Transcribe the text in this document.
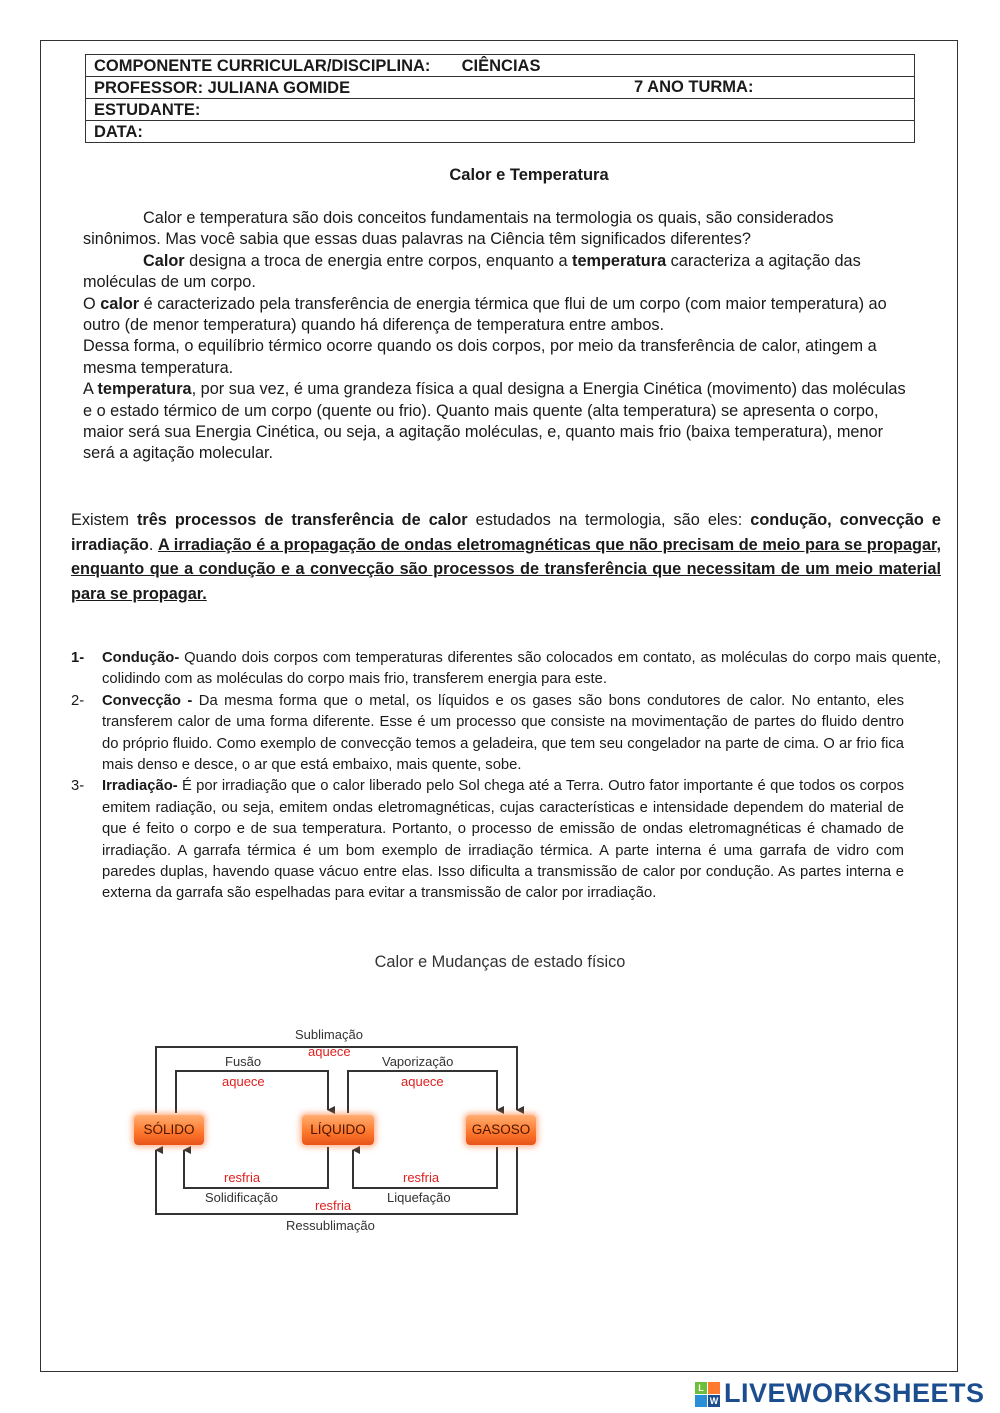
COMPONENTE CURRICULAR/DISCIPLINA: CIÊNCIAS
PROFESSOR: JULIANA GOMIDE	7 ANO TURMA:

ESTUDANTE:
DATA:
Calor e Temperatura

Calor e temperatura são dois conceitos fundamentais na termologia os quais, são considerados sinônimos. Mas você sabia que essas duas palavras na Ciência têm significados diferentes?

Calor designa a troca de energia entre corpos, enquanto a temperatura caracteriza a agitação das moléculas de um corpo.

O calor é caracterizado pela transferência de energia térmica que flui de um corpo (com maior temperatura) ao outro (de menor temperatura) quando há diferença de temperatura entre ambos.

Dessa forma, o equilíbrio térmico ocorre quando os dois corpos, por meio da transferência de calor, atingem a mesma temperatura.

A temperatura, por sua vez, é uma grandeza física a qual designa a Energia Cinética (movimento) das moléculas e o estado térmico de um corpo (quente ou frio). Quanto mais quente (alta temperatura) se apresenta o corpo, maior será sua Energia Cinética, ou seja, a agitação moléculas, e, quanto mais frio (baixa temperatura), menor será a agitação molecular.

Existem três processos de transferência de calor estudados na termologia, são eles: condução, convecção e irradiação. A irradiação é a propagação de ondas eletromagnéticas que não precisam de meio para se propagar, enquanto que a condução e a convecção são processos de transferência que necessitam de um meio material para se propagar.
1- Condução- Quando dois corpos com temperaturas diferentes são colocados em contato, as moléculas do corpo mais quente, colidindo com as moléculas do corpo mais frio, transferem energia para este.
2- Convecção - Da mesma forma que o metal, os líquidos e os gases são bons condutores de calor. No entanto, eles transferem calor de uma forma diferente. Esse é um processo que consiste na movimentação de partes do fluido dentro do próprio fluido. Como exemplo de convecção temos a geladeira, que tem seu congelador na parte de cima. O ar frio fica mais denso e desce, o ar que está embaixo, mais quente, sobe.
3- Irradiação- É por irradiação que o calor liberado pelo Sol chega até a Terra. Outro fator importante é que todos os corpos emitem radiação, ou seja, emitem ondas eletromagnéticas, cujas características e intensidade dependem do material de que é feito o corpo e de sua temperatura. Portanto, o processo de emissão de ondas eletromagnéticas é chamado de irradiação. A garrafa térmica é um bom exemplo de irradiação térmica. A parte interna é uma garrafa de vidro com paredes duplas, havendo quase vácuo entre elas. Isso dificulta a transmissão de calor por condução. As partes interna e externa da garrafa são espelhadas para evitar a transmissão de calor por irradiação.
Calor e Mudanças de estado físico
SÓLIDO	LÍQUIDO	GASOSO
Sublimação
aquece
Fusão
aquece
Vaporização
aquece
resfria
Solidificação
resfria
Liquefação
resfria
Ressublimação
L
W LIVEWORKSHEETS
